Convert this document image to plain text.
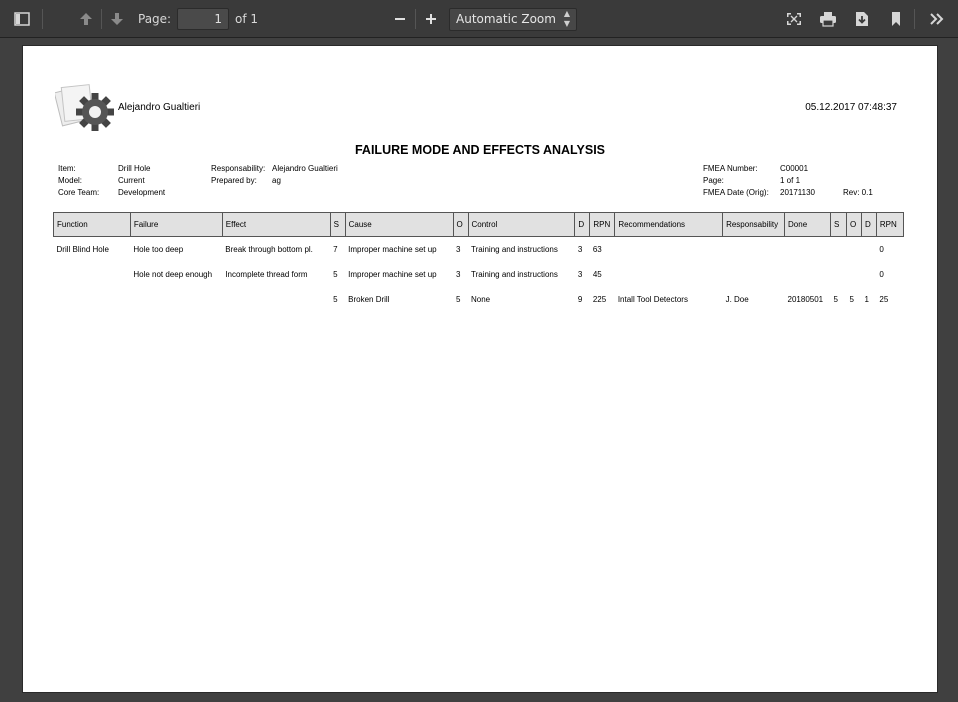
Page:
1	of 1	Automatic Zoom ▲
▼
Alejandro Gualtieri	05.12.2017 07:48:37
FAILURE MODE AND EFFECTS ANALYSIS
Item:	Drill Hole
Model:	Current
Core Team: Development
Responsability: Alejandro Gualtieri
Prepared by: ag
FMEA Number:	C00001
Page:	1 of 1
FMEA Date (Orig): 20171130	Rev: 0.1
Function	Failure	Effect	S	Cause	O	Control	D	RPN	Recommendations	Responsability	Done	S	O	D	RPN
Drill Blind Hole	Hole too deep	Break through bottom pl.	7	Improper machine set up	3	Training and instructions	3	63							0
	Hole not deep enough	Incomplete thread form	5	Improper machine set up	3	Training and instructions	3	45							0
			5	Broken Drill	5	None	9	225	Intall Tool Detectors	J. Doe	20180501	5	5	1	25
